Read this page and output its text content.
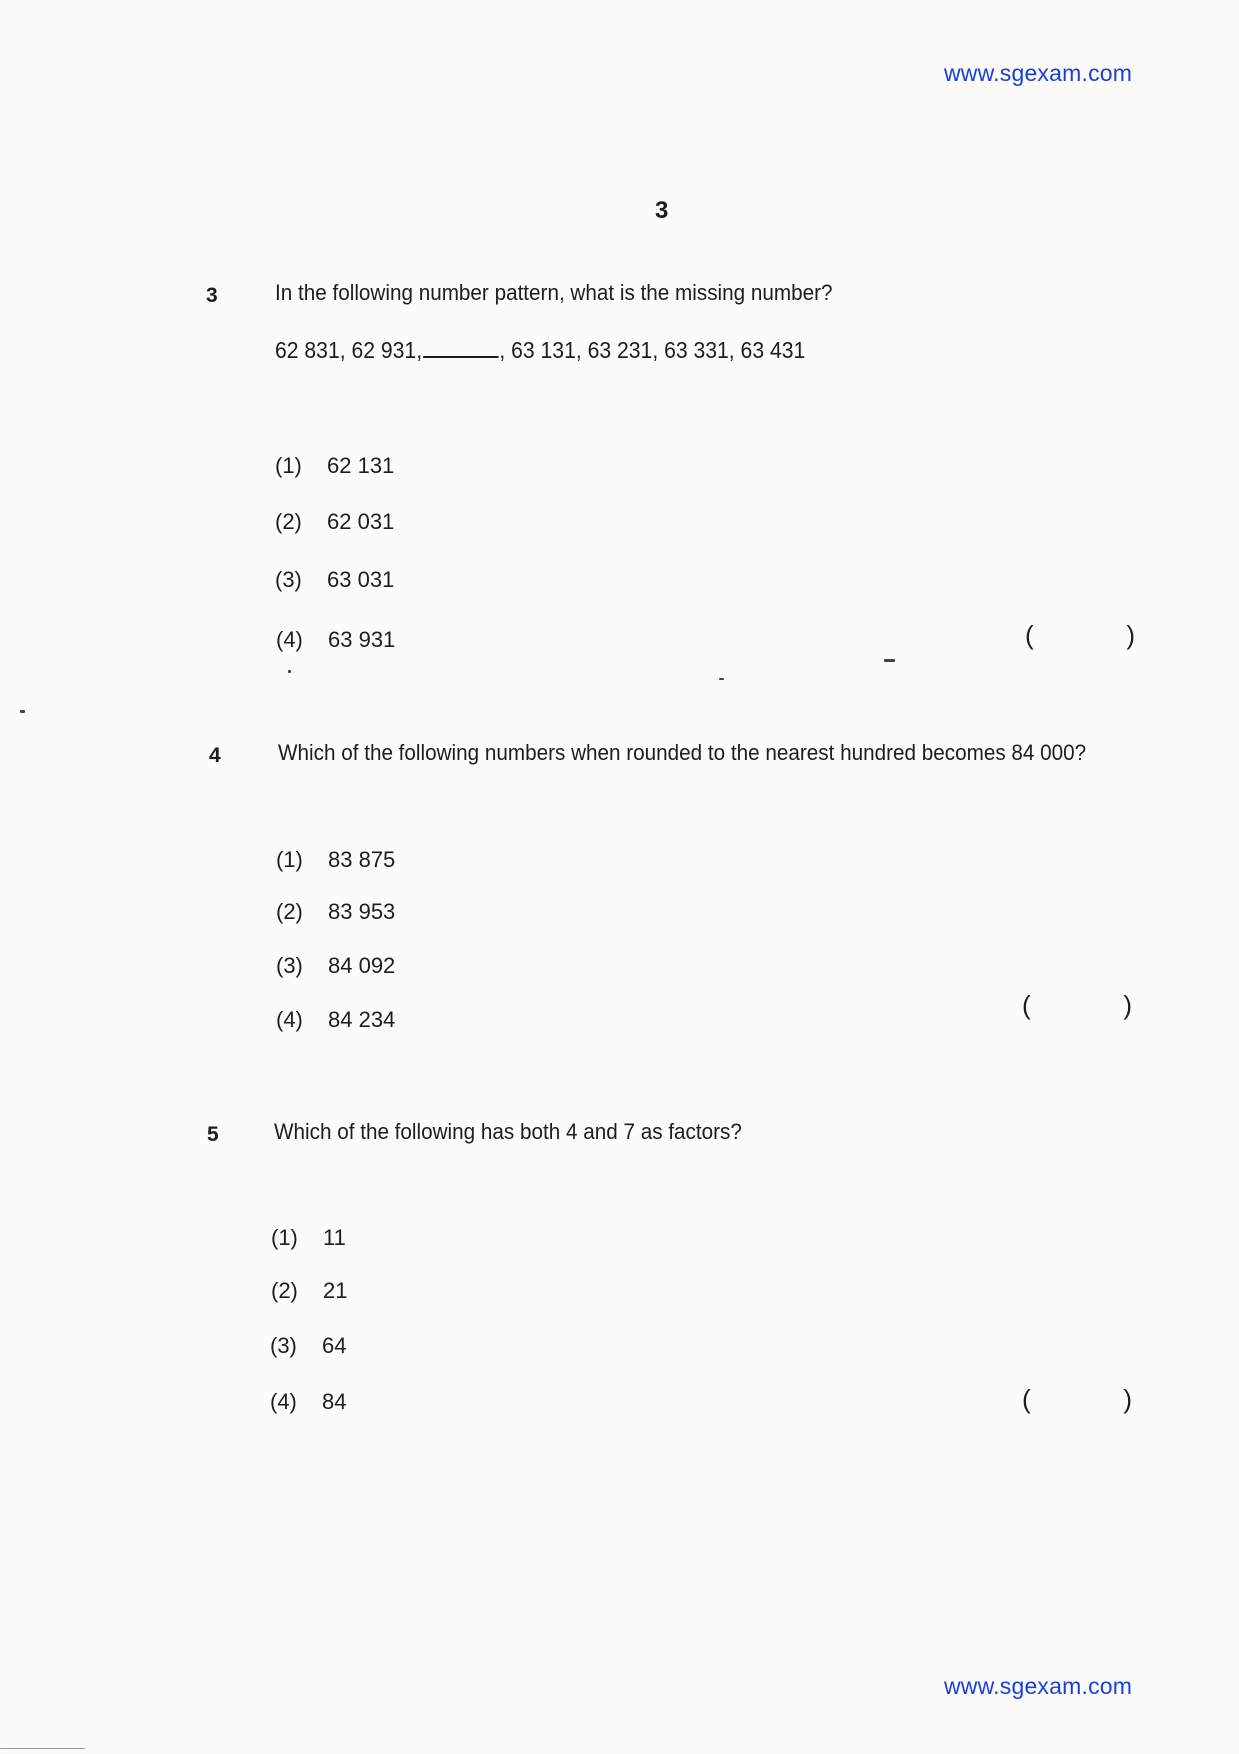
www.sgexam.com
3
3	In the following number pattern, what is the missing number?
62 831, 62 931,	, 63 131, 63 231, 63 331, 63 431
(1) 62 131
(2) 62 031
(3) 63 031
(4) 63 931	(	)
4	Which of the following numbers when rounded to the nearest hundred becomes 84 000?
(1) 83 875
(2) 83 953
(3) 84 092
(4) 84 234	(	)
5	Which of the following has both 4 and 7 as factors?
(1) 11
(2) 21
(3) 64
(4) 84	(	)
www.sgexam.com
